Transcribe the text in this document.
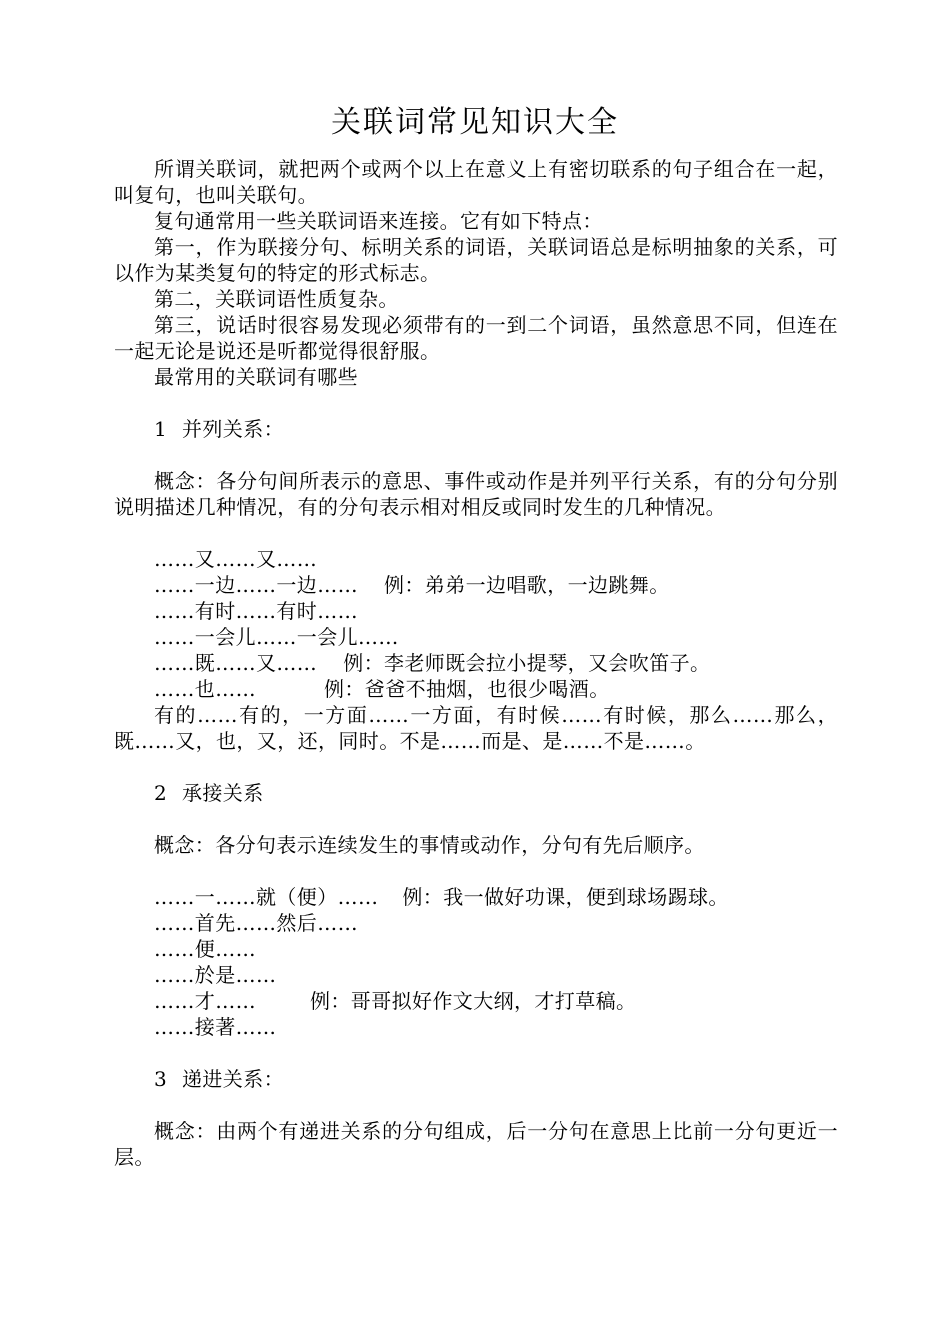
关联词常见知识大全

所谓关联词，就把两个或两个以上在意义上有密切联系的句子组合在一起，叫复句，也叫关联句。

复句通常用一些关联词语来连接。它有如下特点：

第一，作为联接分句、标明关系的词语，关联词语总是标明抽象的关系，可以作为某类复句的特定的形式标志。

第二，关联词语性质复杂。

第三，说话时很容易发现必须带有的一到二个词语，虽然意思不同，但连在一起无论是说还是听都觉得很舒服。

最常用的关联词有哪些

1 并列关系：

概念：各分句间所表示的意思、事件或动作是并列平行关系，有的分句分别说明描述几种情况，有的分句表示相对相反或同时发生的几种情况。

……又……又……

……一边……一边…… 例：弟弟一边唱歌，一边跳舞。

……有时……有时……

……一会儿……一会儿……

……既……又…… 例：李老师既会拉小提琴，又会吹笛子。

……也……	例：爸爸不抽烟，也很少喝酒。

有的……有的，一方面……一方面，有时候……有时候，那么……那么，既……又，也，又，还，同时。不是……而是、是……不是……。

2 承接关系

概念：各分句表示连续发生的事情或动作，分句有先后顺序。

……一……就（便）…… 例：我一做好功课，便到球场踢球。

……首先……然后……

……便……

……於是……

……才……	例：哥哥拟好作文大纲，才打草稿。

……接著……

3 递进关系：

概念：由两个有递进关系的分句组成，后一分句在意思上比前一分句更近一层。
